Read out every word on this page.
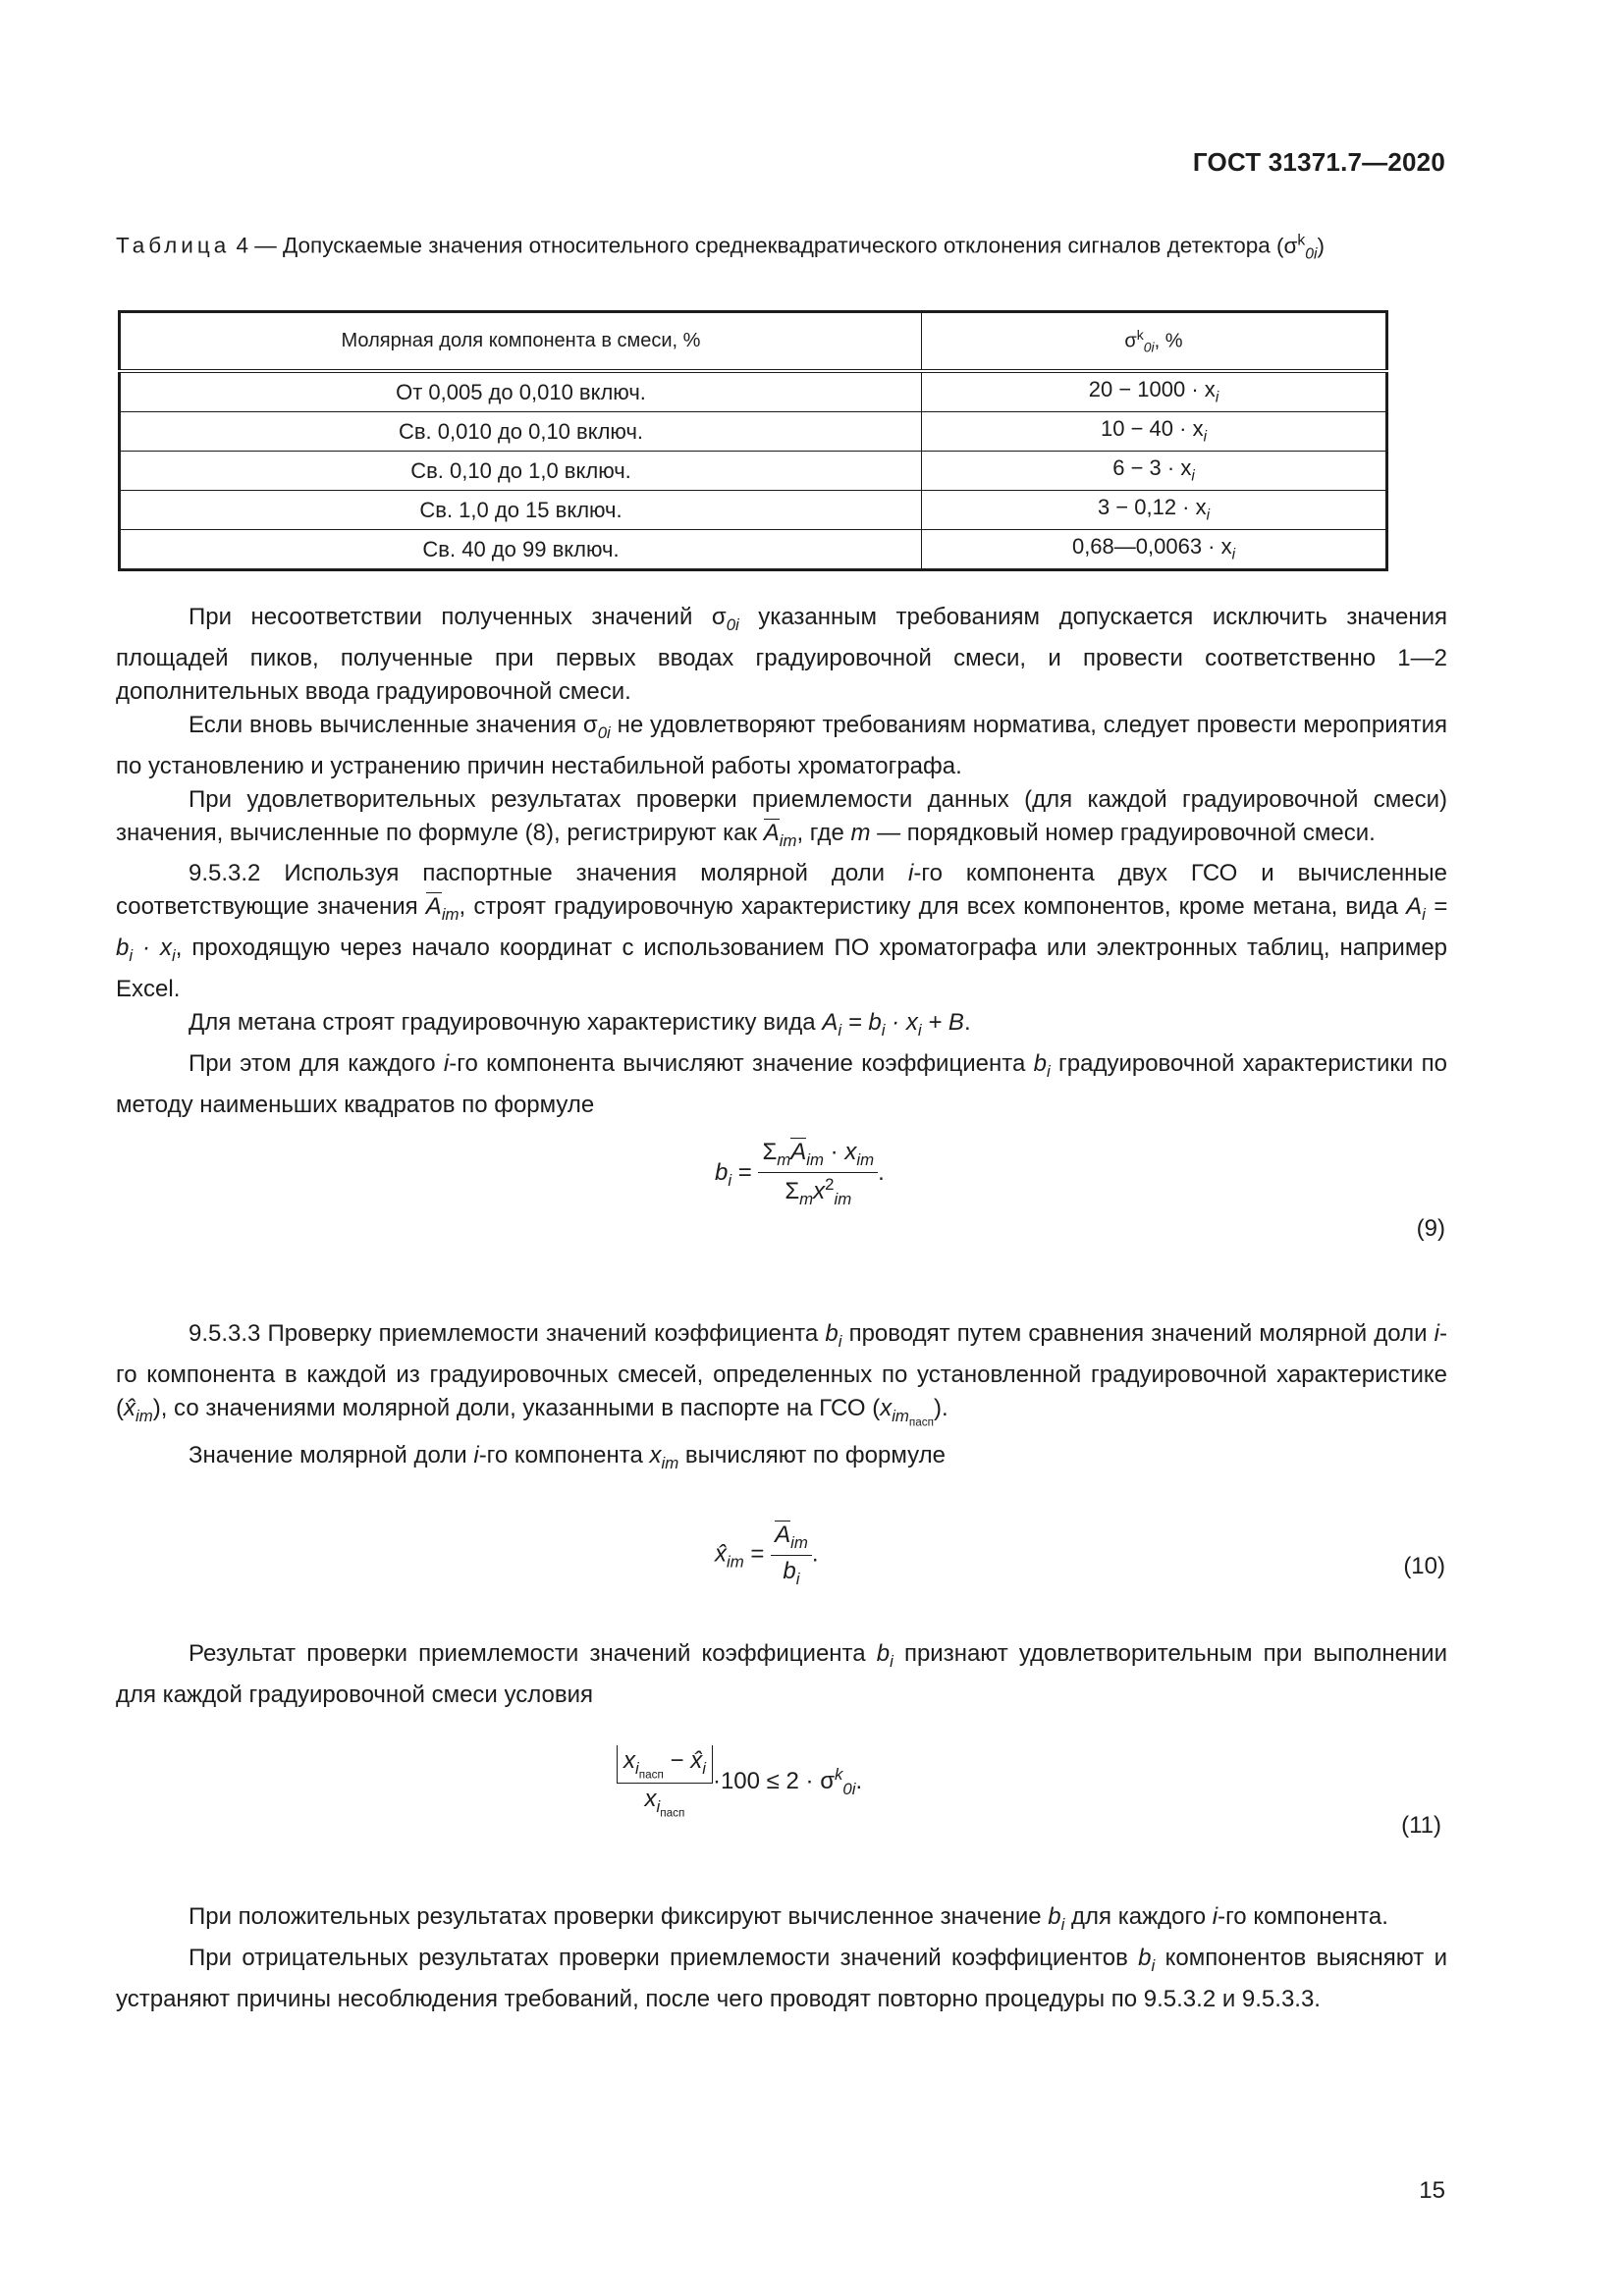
ГОСТ 31371.7—2020
Таблица 4 — Допускаемые значения относительного среднеквадратического отклонения сигналов детектора $(\sigma^k_{0i})$
Молярная доля компонента в смеси, %	$\sigma^k_{0i}$, %
От 0,005 до 0,010 включ.	$20 - 1000 \cdot x_i$
Св. 0,010 до 0,10 включ.	$10 - 40 \cdot x_i$
Св. 0,10 до 1,0 включ.	$6 - 3 \cdot x_i$
Св. 1,0 до 15 включ.	$3 - 0,12 \cdot x_i$
Св. 40 до 99 включ.	0,68—0,0063 · $x_i$

При несоответствии полученных значений $\sigma_{0i}$ указанным требованиям допускается исключить значения площадей пиков, полученные при первых вводах градуировочной смеси, и провести соответственно 1—2 дополнительных ввода градуировочной смеси.

Если вновь вычисленные значения $\sigma_{0i}$ не удовлетворяют требованиям норматива, следует провести мероприятия по установлению и устранению причин нестабильной работы хроматографа.

При удовлетворительных результатах проверки приемлемости данных (для каждой градуировочной смеси) значения, вычисленные по формуле (8), регистрируют как $A_{im}$, где m — порядковый номер градуировочной смеси.

9.5.3.2 Используя паспортные значения молярной доли i-го компонента двух ГСО и вычисленные соответствующие значения $A_{im}$, строят градуировочную характеристику для всех компонентов, кроме метана, вида $A_i = b_i \cdot x_i$, проходящую через начало координат с использованием ПО хроматографа или электронных таблиц, например Excel.

Для метана строят градуировочную характеристику вида $A_i = b_i \cdot x_i + B$.

При этом для каждого i-го компонента вычисляют значение коэффициента $b_i$ градуировочной характеристики по методу наименьших квадратов по формуле

$b_i = \frac{\Sigma_mA_{im} \cdot x_{im}}{\Sigma_mx^2_{im}}$ .
(9)

9.5.3.3 Проверку приемлемости значений коэффициента $b_i$ проводят путем сравнения значений молярной доли i-го компонента в каждой из градуировочных смесей, определенных по установленной градуировочной характеристике $(x̂_{im})$, со значениями молярной доли, указанными в паспорте на ГСО $(x_{im_{пасп}})$.

Значение молярной доли i-го компонента $x_{im}$ вычисляют по формуле

$x̂_{im} = \frac{A_{im}}{b_i}$ .	(10)

Результат проверки приемлемости значений коэффициента $b_i$ признают удовлетворительным при выполнении для каждой градуировочной смеси условия

$\frac{x_{i_{пасп}} - x̂_i}{x_{i_{пасп}}} \cdot 100 \le 2 \cdot \sigma^k_{0i}$.
(11)

При положительных результатах проверки фиксируют вычисленное значение $b_i$ для каждого i-го компонента.

При отрицательных результатах проверки приемлемости значений коэффициентов $b_i$ компонентов выясняют и устраняют причины несоблюдения требований, после чего проводят повторно процедуры по 9.5.3.2 и 9.5.3.3.

15
